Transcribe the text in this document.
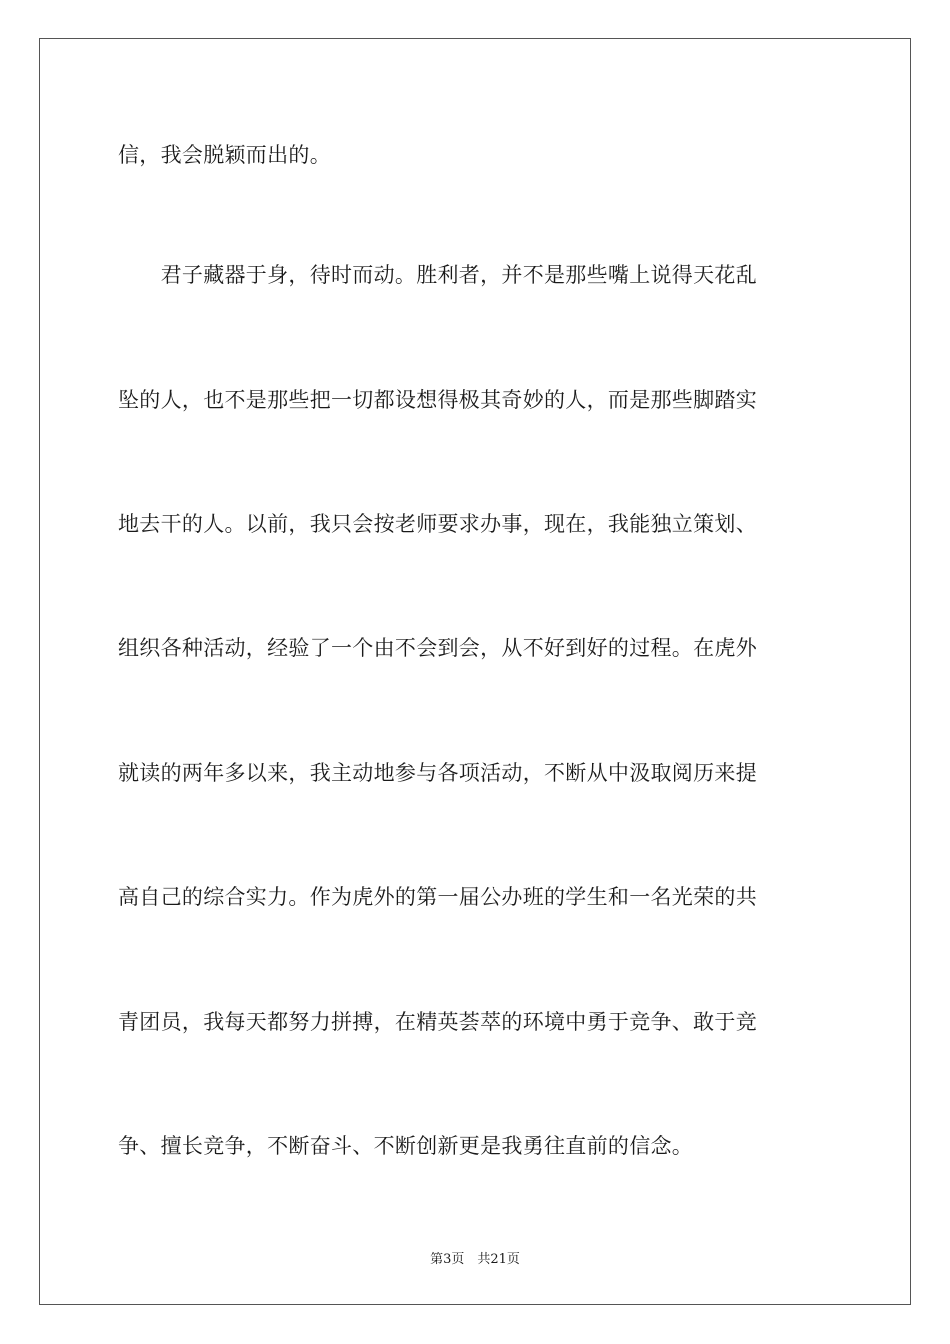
信，我会脱颖而出的。
　　君子藏器于身，待时而动。胜利者，并不是那些嘴上说得天花乱
坠的人，也不是那些把一切都设想得极其奇妙的人，而是那些脚踏实
地去干的人。以前，我只会按老师要求办事，现在，我能独立策划、
组织各种活动，经验了一个由不会到会，从不好到好的过程。在虎外
就读的两年多以来，我主动地参与各项活动，不断从中汲取阅历来提
高自己的综合实力。作为虎外的第一届公办班的学生和一名光荣的共
青团员，我每天都努力拼搏，在精英荟萃的环境中勇于竞争、敢于竞
争、擅长竞争，不断奋斗、不断创新更是我勇往直前的信念。
第3页　共21页
